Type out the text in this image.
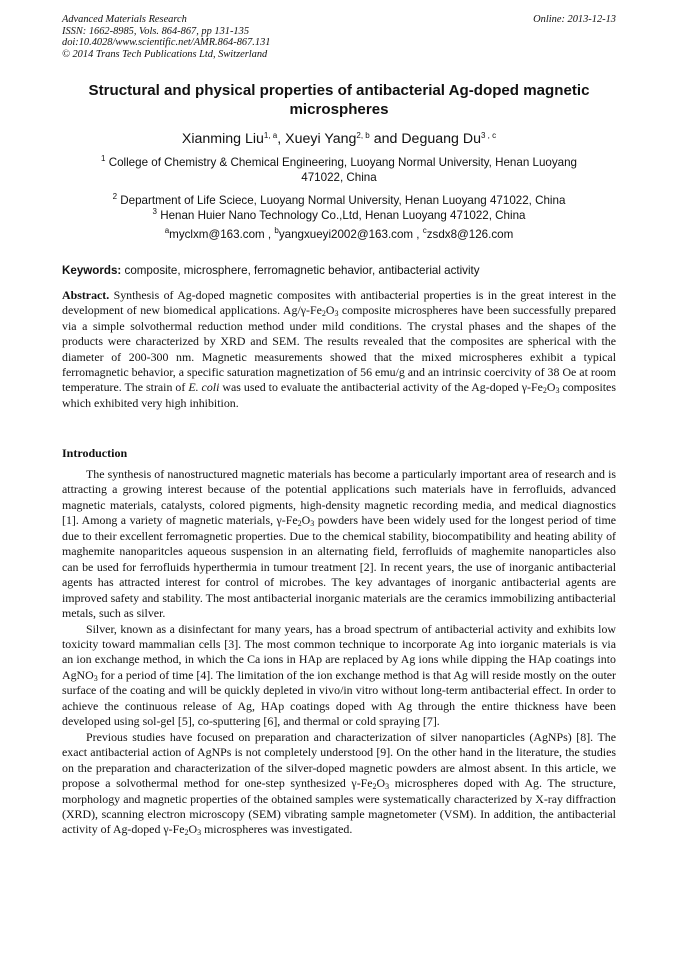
Advanced Materials Research
ISSN: 1662-8985, Vols. 864-867, pp 131-135
doi:10.4028/www.scientific.net/AMR.864-867.131
© 2014 Trans Tech Publications Ltd, Switzerland
Online: 2013-12-13
Structural and physical properties of antibacterial Ag-doped magnetic
microspheres
Xianming Liu$^{1, a}$, Xueyi Yang$^{2, b}$ and Deguang Du$^{3 , c}$
$^1$ College of Chemistry & Chemical Engineering, Luoyang Normal University, Henan Luoyang
471022, China
$^2$ Department of Life Sciece, Luoyang Normal University, Henan Luoyang 471022, China
$^3$ Henan Huier Nano Technology Co.,Ltd, Henan Luoyang 471022, China
$^a$myclxm@163.com , $^b$yangxueyi2002@163.com , $^c$zsdx8@126.com
Keywords: composite, microsphere, ferromagnetic behavior, antibacterial activity
Abstract. Synthesis of Ag-doped magnetic composites with antibacterial properties is in the great interest in the development of new biomedical applications. $Ag/\gamma-Fe_2O_3$ composite microspheres have been successfully prepared via a simple solvothermal reduction method under mild conditions. The crystal phases and the shapes of the products were characterized by XRD and SEM. The results revealed that the composites are spherical with the diameter of 200-300 nm. Magnetic measurements showed that the mixed microspheres exhibit a typical ferromagnetic behavior, a specific saturation magnetization of 56 emu/g and an intrinsic coercivity of 38 Oe at room temperature. The strain of E. coli was used to evaluate the antibacterial activity of the Ag-doped $\gamma-Fe_2O_3$ composites which exhibited very high inhibition.
Introduction

The synthesis of nanostructured magnetic materials has become a particularly important area of research and is attracting a growing interest because of the potential applications such materials have in ferrofluids, advanced magnetic materials, catalysts, colored pigments, high-density magnetic recording media, and medical diagnostics [1]. Among a variety of magnetic materials, $\gamma-Fe_2O_3$ powders have been widely used for the longest period of time due to their excellent ferromagnetic properties. Due to the chemical stability, biocompatibility and heating ability of maghemite nanoparitcles aqueous suspension in an alternating field, ferrofluids of maghemite nanoparticles also can be used for ferrofluids hyperthermia in tumour treatment [2]. In recent years, the use of inorganic antibacterial agents has attracted interest for control of microbes. The key advantages of inorganic antibacterial agents are improved safety and stability. The most antibacterial inorganic materials are the ceramics immobilizing antibacterial metals, such as silver.

Silver, known as a disinfectant for many years, has a broad spectrum of antibacterial activity and exhibits low toxicity toward mammalian cells [3]. The most common technique to incorporate Ag into iorganic materials is via an ion exchange method, in which the Ca ions in HAp are replaced by Ag ions while dipping the HAp coatings into AgNO$_3$ for a period of time [4]. The limitation of the ion exchange method is that Ag will reside mostly on the outer surface of the coating and will be quickly depleted in vivo/in vitro without long-term antibacterial effect. In order to achieve the continuous release of Ag, HAp coatings doped with Ag through the entire thickness have been developed using sol-gel [5], co-sputtering [6], and thermal or cold spraying [7].

Previous studies have focused on preparation and characterization of silver nanoparticles (AgNPs) [8]. The exact antibacterial action of AgNPs is not completely understood [9]. On the other hand in the literature, the studies on the preparation and characterization of the silver-doped magnetic powders are almost absent. In this article, we propose a solvothermal method for one-step synthesized $\gamma-Fe_2O_3$ microspheres doped with Ag. The structure, morphology and magnetic properties of the obtained samples were systematically characterized by X-ray diffraction (XRD), scanning electron microscopy (SEM) vibrating sample magnetometer (VSM). In addition, the antibacterial activity of Ag-doped $\gamma-Fe_2O_3$ microspheres was investigated.
